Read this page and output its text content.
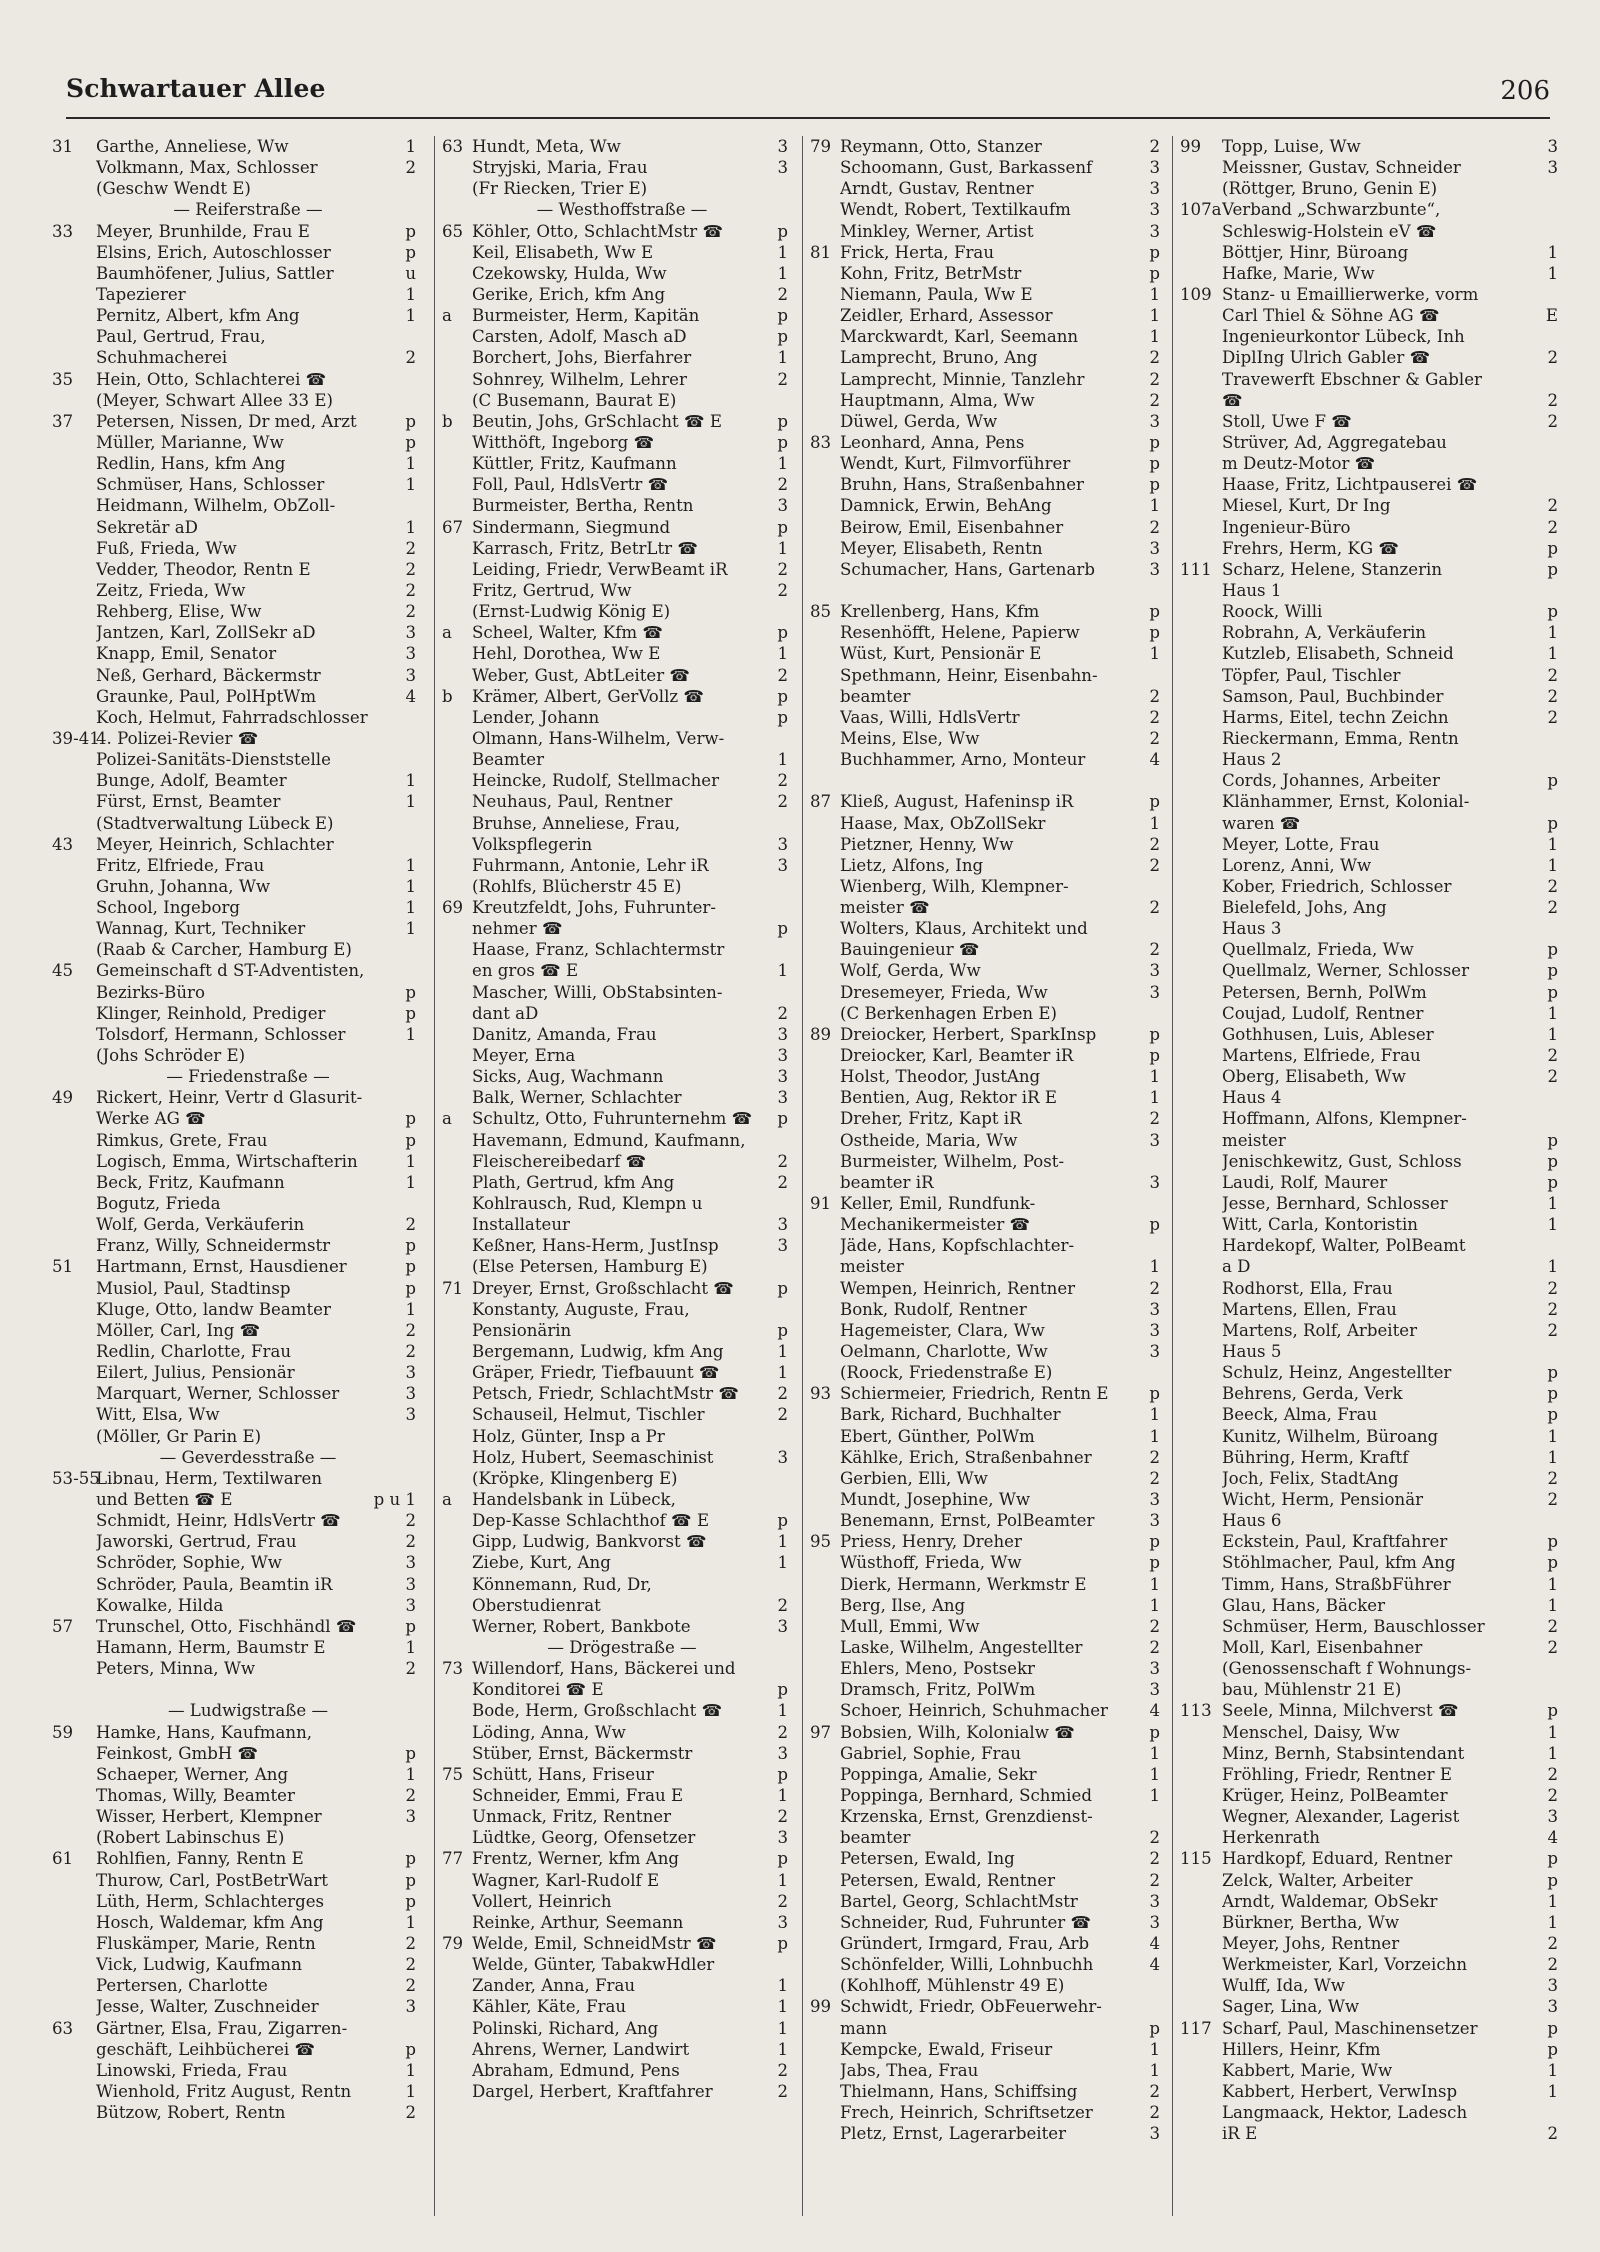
Schwartauer Allee	206
31	Garthe, Anneliese, Ww	1
Volkmann, Max, Schlosser	2
(Geschw Wendt E)
— Reiferstraße —
33	Meyer, Brunhilde, Frau E	p
Elsins, Erich, Autoschlosser	p
Baumhöfener, Julius, Sattler	u
Tapezierer	1
Pernitz, Albert, kfm Ang	1
Paul, Gertrud, Frau,
Schuhmacherei	2
35	Hein, Otto, Schlachterei ☎
(Meyer, Schwart Allee 33 E)
37	Petersen, Nissen, Dr med, Arzt	p
Müller, Marianne, Ww	p
Redlin, Hans, kfm Ang	1
Schmüser, Hans, Schlosser	1
Heidmann, Wilhelm, ObZoll-
Sekretär aD	1
Fuß, Frieda, Ww	2
Vedder, Theodor, Rentn E	2
Zeitz, Frieda, Ww	2
Rehberg, Elise, Ww	2
Jantzen, Karl, ZollSekr aD	3
Knapp, Emil, Senator	3
Neß, Gerhard, Bäckermstr	3
Graunke, Paul, PolHptWm	4
Koch, Helmut, Fahrradschlosser
39-41
4. Polizei-Revier ☎
Polizei-Sanitäts-Dienststelle
Bunge, Adolf, Beamter	1
Fürst, Ernst, Beamter	1
(Stadtverwaltung Lübeck E)
43	Meyer, Heinrich, Schlachter
Fritz, Elfriede, Frau	1
Gruhn, Johanna, Ww	1
School, Ingeborg	1
Wannag, Kurt, Techniker	1
(Raab & Carcher, Hamburg E)
45	Gemeinschaft d ST-Adventisten,
Bezirks-Büro	p
Klinger, Reinhold, Prediger	p
Tolsdorf, Hermann, Schlosser	1
(Johs Schröder E)
— Friedenstraße —
49	Rickert, Heinr, Vertr d Glasurit-
Werke AG ☎	p
Rimkus, Grete, Frau	p
Logisch, Emma, Wirtschafterin	1
Beck, Fritz, Kaufmann	1
Bogutz, Frieda
Wolf, Gerda, Verkäuferin	2
Franz, Willy, Schneidermstr	p
51	Hartmann, Ernst, Hausdiener	p
Musiol, Paul, Stadtinsp	p
Kluge, Otto, landw Beamter	1
Möller, Carl, Ing ☎	2
Redlin, Charlotte, Frau	2
Eilert, Julius, Pensionär	3
Marquart, Werner, Schlosser	3
Witt, Elsa, Ww	3
(Möller, Gr Parin E)
— Geverdesstraße —
53-55
Libnau, Herm, Textilwaren
und Betten ☎ E	p u 1
Schmidt, Heinr, HdlsVertr ☎	2
Jaworski, Gertrud, Frau	2
Schröder, Sophie, Ww	3
Schröder, Paula, Beamtin iR	3
Kowalke, Hilda	3
57	Trunschel, Otto, Fischhändl ☎	p
Hamann, Herm, Baumstr E	1
Peters, Minna, Ww	2
— Ludwigstraße —
59	Hamke, Hans, Kaufmann,
Feinkost, GmbH ☎	p
Schaeper, Werner, Ang	1
Thomas, Willy, Beamter	2
Wisser, Herbert, Klempner	3
(Robert Labinschus E)
61	Rohlfien, Fanny, Rentn E	p
Thurow, Carl, PostBetrWart	p
Lüth, Herm, Schlachterges	p
Hosch, Waldemar, kfm Ang	1
Fluskämper, Marie, Rentn	2
Vick, Ludwig, Kaufmann	2
Pertersen, Charlotte	2
Jesse, Walter, Zuschneider	3
63	Gärtner, Elsa, Frau, Zigarren-
geschäft, Leihbücherei ☎	p
Linowski, Frieda, Frau	1
Wienhold, Fritz August, Rentn	1
Bützow, Robert, Rentn	2
63 Hundt, Meta, Ww	3
Stryjski, Maria, Frau	3
(Fr Riecken, Trier E)
— Westhoffstraße —
65 Köhler, Otto, SchlachtMstr ☎	p
Keil, Elisabeth, Ww E	1
Czekowsky, Hulda, Ww	1
Gerike, Erich, kfm Ang	2
a	Burmeister, Herm, Kapitän	p
Carsten, Adolf, Masch aD	p
Borchert, Johs, Bierfahrer	1
Sohnrey, Wilhelm, Lehrer	2
(C Busemann, Baurat E)
b	Beutin, Johs, GrSchlacht ☎ E	p
Witthöft, Ingeborg ☎	p
Küttler, Fritz, Kaufmann	1
Foll, Paul, HdlsVertr ☎	2
Burmeister, Bertha, Rentn	3
67 Sindermann, Siegmund	p
Karrasch, Fritz, BetrLtr ☎	1
Leiding, Friedr, VerwBeamt iR	2
Fritz, Gertrud, Ww	2
(Ernst-Ludwig König E)
a	Scheel, Walter, Kfm ☎	p
Hehl, Dorothea, Ww E	1
Weber, Gust, AbtLeiter ☎	2
b	Krämer, Albert, GerVollz ☎	p
Lender, Johann	p
Olmann, Hans-Wilhelm, Verw-
Beamter	1
Heincke, Rudolf, Stellmacher	2
Neuhaus, Paul, Rentner	2
Bruhse, Anneliese, Frau,
Volkspflegerin	3
Fuhrmann, Antonie, Lehr iR	3
(Rohlfs, Blücherstr 45 E)
69 Kreutzfeldt, Johs, Fuhrunter-
nehmer ☎	p
Haase, Franz, Schlachtermstr
en gros ☎ E	1
Mascher, Willi, ObStabsinten-
dant aD	2
Danitz, Amanda, Frau	3
Meyer, Erna	3
Sicks, Aug, Wachmann	3
Balk, Werner, Schlachter	3
a	Schultz, Otto, Fuhrunternehm ☎	p
Havemann, Edmund, Kaufmann,
Fleischereibedarf ☎	2
Plath, Gertrud, kfm Ang	2
Kohlrausch, Rud, Klempn u
Installateur	3
Keßner, Hans-Herm, JustInsp	3
(Else Petersen, Hamburg E)
71 Dreyer, Ernst, Großschlacht ☎	p
Konstanty, Auguste, Frau,
Pensionärin	p
Bergemann, Ludwig, kfm Ang	1
Gräper, Friedr, Tiefbauunt ☎	1
Petsch, Friedr, SchlachtMstr ☎	2
Schauseil, Helmut, Tischler	2
Holz, Günter, Insp a Pr
Holz, Hubert, Seemaschinist	3
(Kröpke, Klingenberg E)
a	Handelsbank in Lübeck,
Dep-Kasse Schlachthof ☎ E	p
Gipp, Ludwig, Bankvorst ☎	1
Ziebe, Kurt, Ang	1
Könnemann, Rud, Dr,
Oberstudienrat	2
Werner, Robert, Bankbote	3
— Drögestraße —
73 Willendorf, Hans, Bäckerei und
Konditorei ☎ E	p
Bode, Herm, Großschlacht ☎	1
Löding, Anna, Ww	2
Stüber, Ernst, Bäckermstr	3
75 Schütt, Hans, Friseur	p
Schneider, Emmi, Frau E	1
Unmack, Fritz, Rentner	2
Lüdtke, Georg, Ofensetzer	3
77 Frentz, Werner, kfm Ang	p
Wagner, Karl-Rudolf E	1
Vollert, Heinrich	2
Reinke, Arthur, Seemann	3
79 Welde, Emil, SchneidMstr ☎	p
Welde, Günter, TabakwHdler
Zander, Anna, Frau	1
Kähler, Käte, Frau	1
Polinski, Richard, Ang	1
Ahrens, Werner, Landwirt	1
Abraham, Edmund, Pens	2
Dargel, Herbert, Kraftfahrer	2
79 Reymann, Otto, Stanzer	2
Schoomann, Gust, Barkassenf	3
Arndt, Gustav, Rentner	3
Wendt, Robert, Textilkaufm	3
Minkley, Werner, Artist	3
81 Frick, Herta, Frau	p
Kohn, Fritz, BetrMstr	p
Niemann, Paula, Ww E	1
Zeidler, Erhard, Assessor	1
Marckwardt, Karl, Seemann	1
Lamprecht, Bruno, Ang	2
Lamprecht, Minnie, Tanzlehr	2
Hauptmann, Alma, Ww	2
Düwel, Gerda, Ww	3
83 Leonhard, Anna, Pens	p
Wendt, Kurt, Filmvorführer	p
Bruhn, Hans, Straßenbahner	p
Damnick, Erwin, BehAng	1
Beirow, Emil, Eisenbahner	2
Meyer, Elisabeth, Rentn	3
Schumacher, Hans, Gartenarb	3
85 Krellenberg, Hans, Kfm	p
Resenhöfft, Helene, Papierw	p
Wüst, Kurt, Pensionär E	1
Spethmann, Heinr, Eisenbahn-
beamter	2
Vaas, Willi, HdlsVertr	2
Meins, Else, Ww	2
Buchhammer, Arno, Monteur	4
87 Kließ, August, Hafeninsp iR	p
Haase, Max, ObZollSekr	1
Pietzner, Henny, Ww	2
Lietz, Alfons, Ing	2
Wienberg, Wilh, Klempner-
meister ☎	2
Wolters, Klaus, Architekt und
Bauingenieur ☎	2
Wolf, Gerda, Ww	3
Dresemeyer, Frieda, Ww	3
(C Berkenhagen Erben E)
89 Dreiocker, Herbert, SparkInsp	p
Dreiocker, Karl, Beamter iR	p
Holst, Theodor, JustAng	1
Bentien, Aug, Rektor iR E	1
Dreher, Fritz, Kapt iR	2
Ostheide, Maria, Ww	3
Burmeister, Wilhelm, Post-
beamter iR	3
91 Keller, Emil, Rundfunk-
Mechanikermeister ☎	p
Jäde, Hans, Kopfschlachter-
meister	1
Wempen, Heinrich, Rentner	2
Bonk, Rudolf, Rentner	3
Hagemeister, Clara, Ww	3
Oelmann, Charlotte, Ww	3
(Roock, Friedenstraße E)
93 Schiermeier, Friedrich, Rentn E	p
Bark, Richard, Buchhalter	1
Ebert, Günther, PolWm	1
Kählke, Erich, Straßenbahner	2
Gerbien, Elli, Ww	2
Mundt, Josephine, Ww	3
Benemann, Ernst, PolBeamter	3
95 Priess, Henry, Dreher	p
Wüsthoff, Frieda, Ww	p
Dierk, Hermann, Werkmstr E	1
Berg, Ilse, Ang	1
Mull, Emmi, Ww	2
Laske, Wilhelm, Angestellter	2
Ehlers, Meno, Postsekr	3
Dramsch, Fritz, PolWm	3
Schoer, Heinrich, Schuhmacher	4
97 Bobsien, Wilh, Kolonialw ☎	p
Gabriel, Sophie, Frau	1
Poppinga, Amalie, Sekr	1
Poppinga, Bernhard, Schmied	1
Krzenska, Ernst, Grenzdienst-
beamter	2
Petersen, Ewald, Ing	2
Petersen, Ewald, Rentner	2
Bartel, Georg, SchlachtMstr	3
Schneider, Rud, Fuhrunter ☎	3
Gründert, Irmgard, Frau, Arb	4
Schönfelder, Willi, Lohnbuchh	4
(Kohlhoff, Mühlenstr 49 E)
99 Schwidt, Friedr, ObFeuerwehr-
mann	p
Kempcke, Ewald, Friseur	1
Jabs, Thea, Frau	1
Thielmann, Hans, Schiffsing	2
Frech, Heinrich, Schriftsetzer	2
Pletz, Ernst, Lagerarbeiter	3
99	Topp, Luise, Ww	3
Meissner, Gustav, Schneider	3
(Röttger, Bruno, Genin E)
107a Verband „Schwarzbunte“,
Schleswig-Holstein eV ☎
Böttjer, Hinr, Büroang	1
Hafke, Marie, Ww	1
109 Stanz- u Emaillierwerke, vorm
Carl Thiel & Söhne AG ☎	E
Ingenieurkontor Lübeck, Inh
DiplIng Ulrich Gabler ☎	2
Travewerft Ebschner & Gabler
☎	2
Stoll, Uwe F ☎	2
Strüver, Ad, Aggregatebau
m Deutz-Motor ☎
Haase, Fritz, Lichtpauserei ☎
Miesel, Kurt, Dr Ing	2
Ingenieur-Büro	2
Frehrs, Herm, KG ☎	p
111 Scharz, Helene, Stanzerin	p
Haus 1
Roock, Willi	p
Robrahn, A, Verkäuferin	1
Kutzleb, Elisabeth, Schneid	1
Töpfer, Paul, Tischler	2
Samson, Paul, Buchbinder	2
Harms, Eitel, techn Zeichn	2
Rieckermann, Emma, Rentn
Haus 2
Cords, Johannes, Arbeiter	p
Klänhammer, Ernst, Kolonial-
waren ☎	p
Meyer, Lotte, Frau	1
Lorenz, Anni, Ww	1
Kober, Friedrich, Schlosser	2
Bielefeld, Johs, Ang	2
Haus 3
Quellmalz, Frieda, Ww	p
Quellmalz, Werner, Schlosser	p
Petersen, Bernh, PolWm	p
Coujad, Ludolf, Rentner	1
Gothhusen, Luis, Ableser	1
Martens, Elfriede, Frau	2
Oberg, Elisabeth, Ww	2
Haus 4
Hoffmann, Alfons, Klempner-
meister	p
Jenischkewitz, Gust, Schloss	p
Laudi, Rolf, Maurer	p
Jesse, Bernhard, Schlosser	1
Witt, Carla, Kontoristin	1
Hardekopf, Walter, PolBeamt
a D	1
Rodhorst, Ella, Frau	2
Martens, Ellen, Frau	2
Martens, Rolf, Arbeiter	2
Haus 5
Schulz, Heinz, Angestellter	p
Behrens, Gerda, Verk	p
Beeck, Alma, Frau	p
Kunitz, Wilhelm, Büroang	1
Bühring, Herm, Kraftf	1
Joch, Felix, StadtAng	2
Wicht, Herm, Pensionär	2
Haus 6
Eckstein, Paul, Kraftfahrer	p
Stöhlmacher, Paul, kfm Ang	p
Timm, Hans, StraßbFührer	1
Glau, Hans, Bäcker	1
Schmüser, Herm, Bauschlosser	2
Moll, Karl, Eisenbahner	2
(Genossenschaft f Wohnungs-
bau, Mühlenstr 21 E)
113 Seele, Minna, Milchverst ☎	p
Menschel, Daisy, Ww	1
Minz, Bernh, Stabsintendant	1
Fröhling, Friedr, Rentner E	2
Krüger, Heinz, PolBeamter	2
Wegner, Alexander, Lagerist	3
Herkenrath	4
115 Hardkopf, Eduard, Rentner	p
Zelck, Walter, Arbeiter	p
Arndt, Waldemar, ObSekr	1
Bürkner, Bertha, Ww	1
Meyer, Johs, Rentner	2
Werkmeister, Karl, Vorzeichn	2
Wulff, Ida, Ww	3
Sager, Lina, Ww	3
117 Scharf, Paul, Maschinensetzer	p
Hillers, Heinr, Kfm	p
Kabbert, Marie, Ww	1
Kabbert, Herbert, VerwInsp	1
Langmaack, Hektor, Ladesch
iR E	2
